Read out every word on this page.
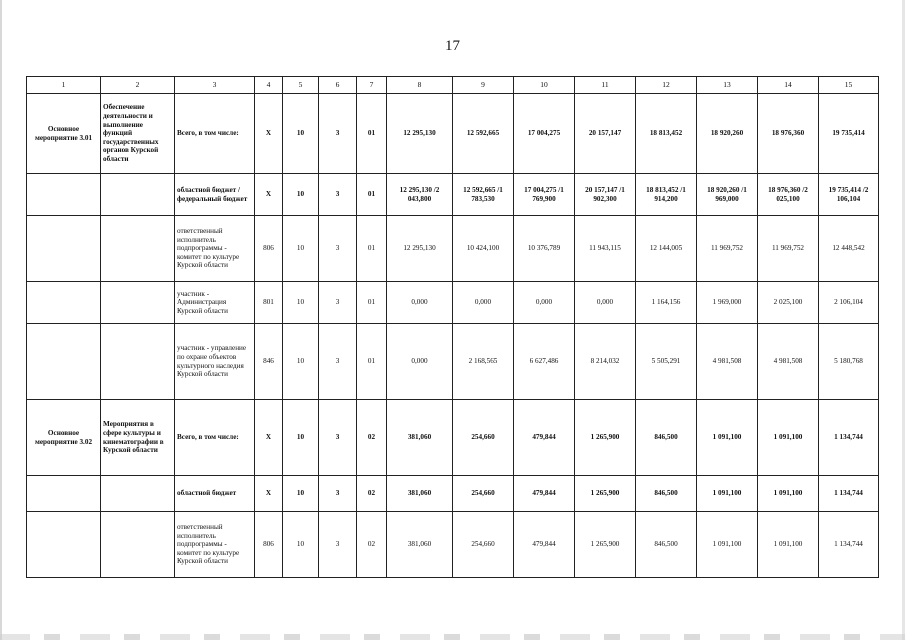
17
1	2	3	4	5	6	7	8	9	10	11	12	13	14	15
Основное мероприятие 3.01	Обеспечение деятельности и выполнение функций государственных органов Курской области	Всего, в том числе:	X	10	3	01	12 295,130	12 592,665	17 004,275	20 157,147	18 813,452	18 920,260	18 976,360	19 735,414
		областной бюджет /федеральный бюджет	X	10	3	01	12 295,130 /2 043,800	12 592,665 /1 783,530	17 004,275 /1 769,900	20 157,147 /1 902,300	18 813,452 /1 914,200	18 920,260 /1 969,000	18 976,360 /2 025,100	19 735,414 /2 106,104
		ответственный исполнитель подпрограммы - комитет по культуре Курской области	806	10	3	01	12 295,130	10 424,100	10 376,789	11 943,115	12 144,005	11 969,752	11 969,752	12 448,542
		участник - Администрация Курской области	801	10	3	01	0,000	0,000	0,000	0,000	1 164,156	1 969,000	2 025,100	2 106,104
		участник - управление по охране объектов культурного наследия Курской области	846	10	3	01	0,000	2 168,565	6 627,486	8 214,032	5 505,291	4 981,508	4 981,508	5 180,768
Основное мероприятие 3.02	Мероприятия в сфере культуры и кинематографии в Курской области	Всего, в том числе:	X	10	3	02	381,060	254,660	479,844	1 265,900	846,500	1 091,100	1 091,100	1 134,744
		областной бюджет	X	10	3	02	381,060	254,660	479,844	1 265,900	846,500	1 091,100	1 091,100	1 134,744
		ответственный исполнитель подпрограммы - комитет по культуре Курской области	806	10	3	02	381,060	254,660	479,844	1 265,900	846,500	1 091,100	1 091,100	1 134,744
